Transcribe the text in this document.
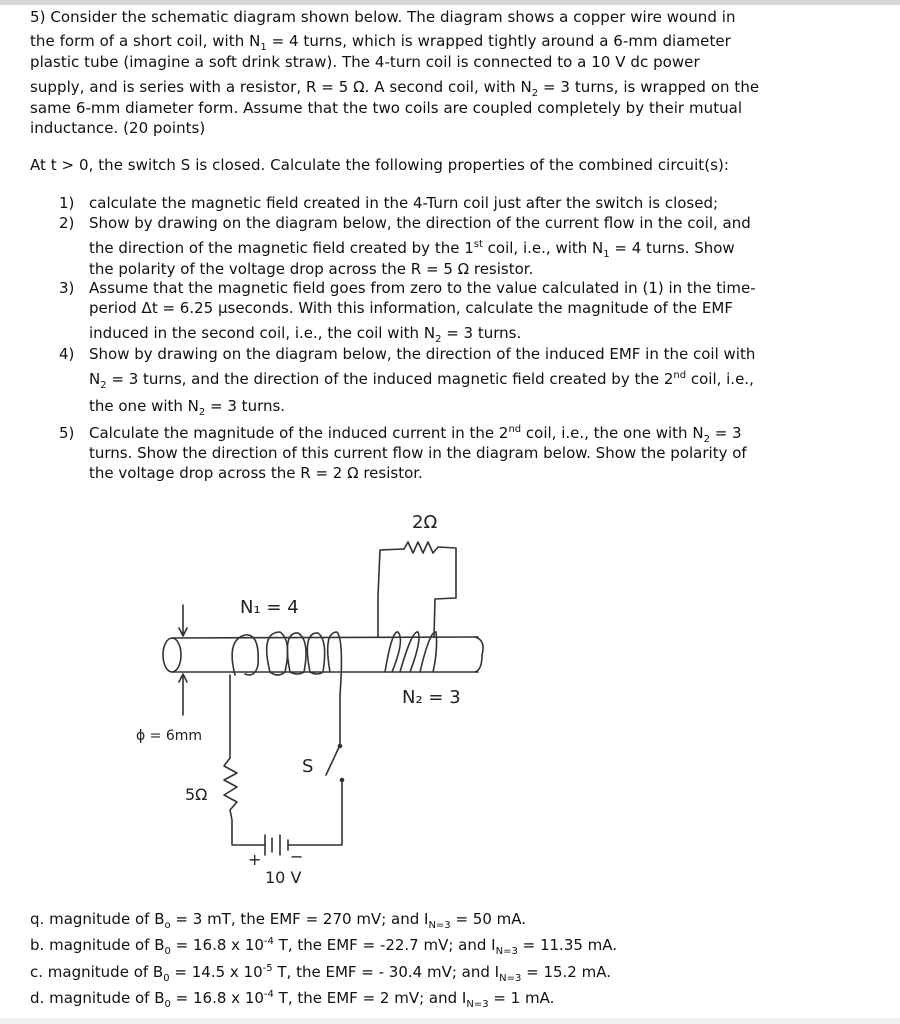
5) Consider the schematic diagram shown below. The diagram shows a copper wire wound in
the form of a short coil, with $N_1 = 4$ turns, which is wrapped tightly around a 6-mm diameter
plastic tube (imagine a soft drink straw). The 4-turn coil is connected to a 10 V dc power
supply, and is series with a resistor, R = 5 Ω. A second coil, with $N_2 = 3$ turns, is wrapped on the
same 6-mm diameter form. Assume that the two coils are coupled completely by their mutual
inductance. (20 points)
At t > 0, the switch S is closed. Calculate the following properties of the combined circuit(s):
1) calculate the magnetic field created in the 4-Turn coil just after the switch is closed;
2) Show by drawing on the diagram below, the direction of the current flow in the coil, and
the direction of the magnetic field created by the 1st coil, i.e., with $N_1 = 4$ turns. Show
the polarity of the voltage drop across the R = 5 Ω resistor.
3) Assume that the magnetic field goes from zero to the value calculated in (1) in the time-
period Δt = 6.25 μseconds. With this information, calculate the magnitude of the EMF
induced in the second coil, i.e., the coil with $N_2 = 3$ turns.
4) Show by drawing on the diagram below, the direction of the induced EMF in the coil with
$N_2 = 3$ turns, and the direction of the induced magnetic field created by the 2nd coil, i.e.,
the one with $N_2 = 3$ turns.
5) Calculate the magnitude of the induced current in the 2nd coil, i.e., the one with $N_2 = 3$
turns. Show the direction of this current flow in the diagram below. Show the polarity of
the voltage drop across the R = 2 Ω resistor.
2Ω
N₁ = 4
N₂ = 3
ϕ = 6mm
S
5Ω
+ −
10 V
q. magnitude of $B_o = 3$ mT, the EMF = 270 mV; and $I_{N=3} = 50$ mA.
b. magnitude of $B_0 = 16.8$ x $10^{-4}$ T, the EMF = -22.7 mV; and $I_{N=3} = 11.35$ mA.
c. magnitude of $B_0 = 14.5$ x $10^{-5}$ T, the EMF = - 30.4 mV; and $I_{N=3} = 15.2$ mA.
d. magnitude of $B_0 = 16.8$ x $10^{-4}$ T, the EMF = 2 mV; and $I_{N=3} = 1$ mA.
